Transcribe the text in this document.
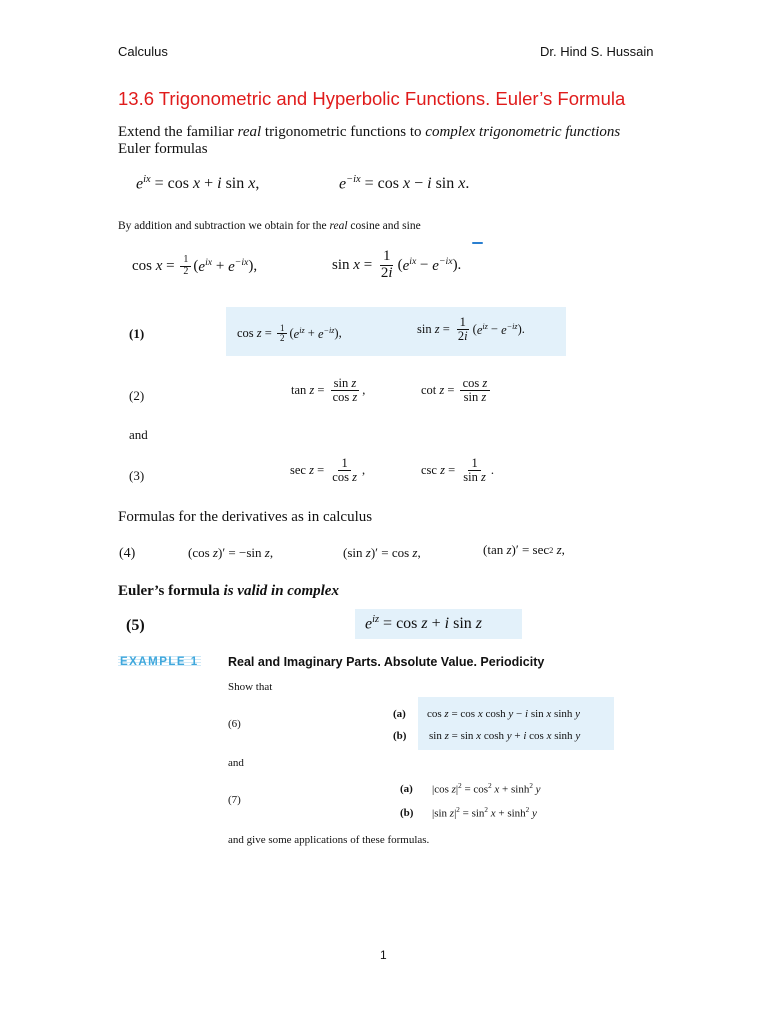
Calculus	Dr. Hind S. Hussain
13.6 Trigonometric and Hyperbolic Functions. Euler’s Formula
Extend the familiar real trigonometric functions to complex trigonometric functions
Euler formulas
$e^{ix} = \cos x + i$ sin x ,	$e^{-ix} = \cos x - i$ sin x .
By addition and subtraction we obtain for the real cosine and sine
$\cos x = \frac{1}{2}$ ( $e^{ix} + e^{-ix}$ ),	$\sin x = \frac{1}{2i}$ ( $e^{ix} - e^{-ix}$ ).
(1)	$\cos z = \frac{1}{2}$ ( $e^{iz} + e^{-iz}$ ),	$\sin z = \frac{1}{2i}$ ( $e^{iz} - e^{-iz}$ ).
(2)	$\tan z = \frac{\text{sin z}}{\text{cos z}}$ ,	$\cot z = \frac{\text{cos z}}{\text{sin z}}$
and
(3)	$\sec z = \frac{1}{\text{cos z}}$ ,	$\csc z = \frac{1}{\text{sin z}}$ .
Formulas for the derivatives as in calculus
(4)	(cos z )′ = −sin z ,	(sin z )′ = cos z ,	(tan z )′ = sec 2
z ,
Euler’s formula is valid in complex
(5)	$e^{iz} = \cos z + i$ sin z
EXAMPLE 1 Real and Imaginary Parts. Absolute Value. Periodicity
Show that
(6)
(a) cos z = cos x cosh y − i sin x sinh y
(b) sin z = sin x cosh y + i cos x sinh y
and
(7)
(a) |cos $z|^2 = \cos^2 x + \sinh^2 y$
(b) |sin $z|^2 = \sin^2 x + \sinh^2 y$
and give some applications of these formulas.
1
